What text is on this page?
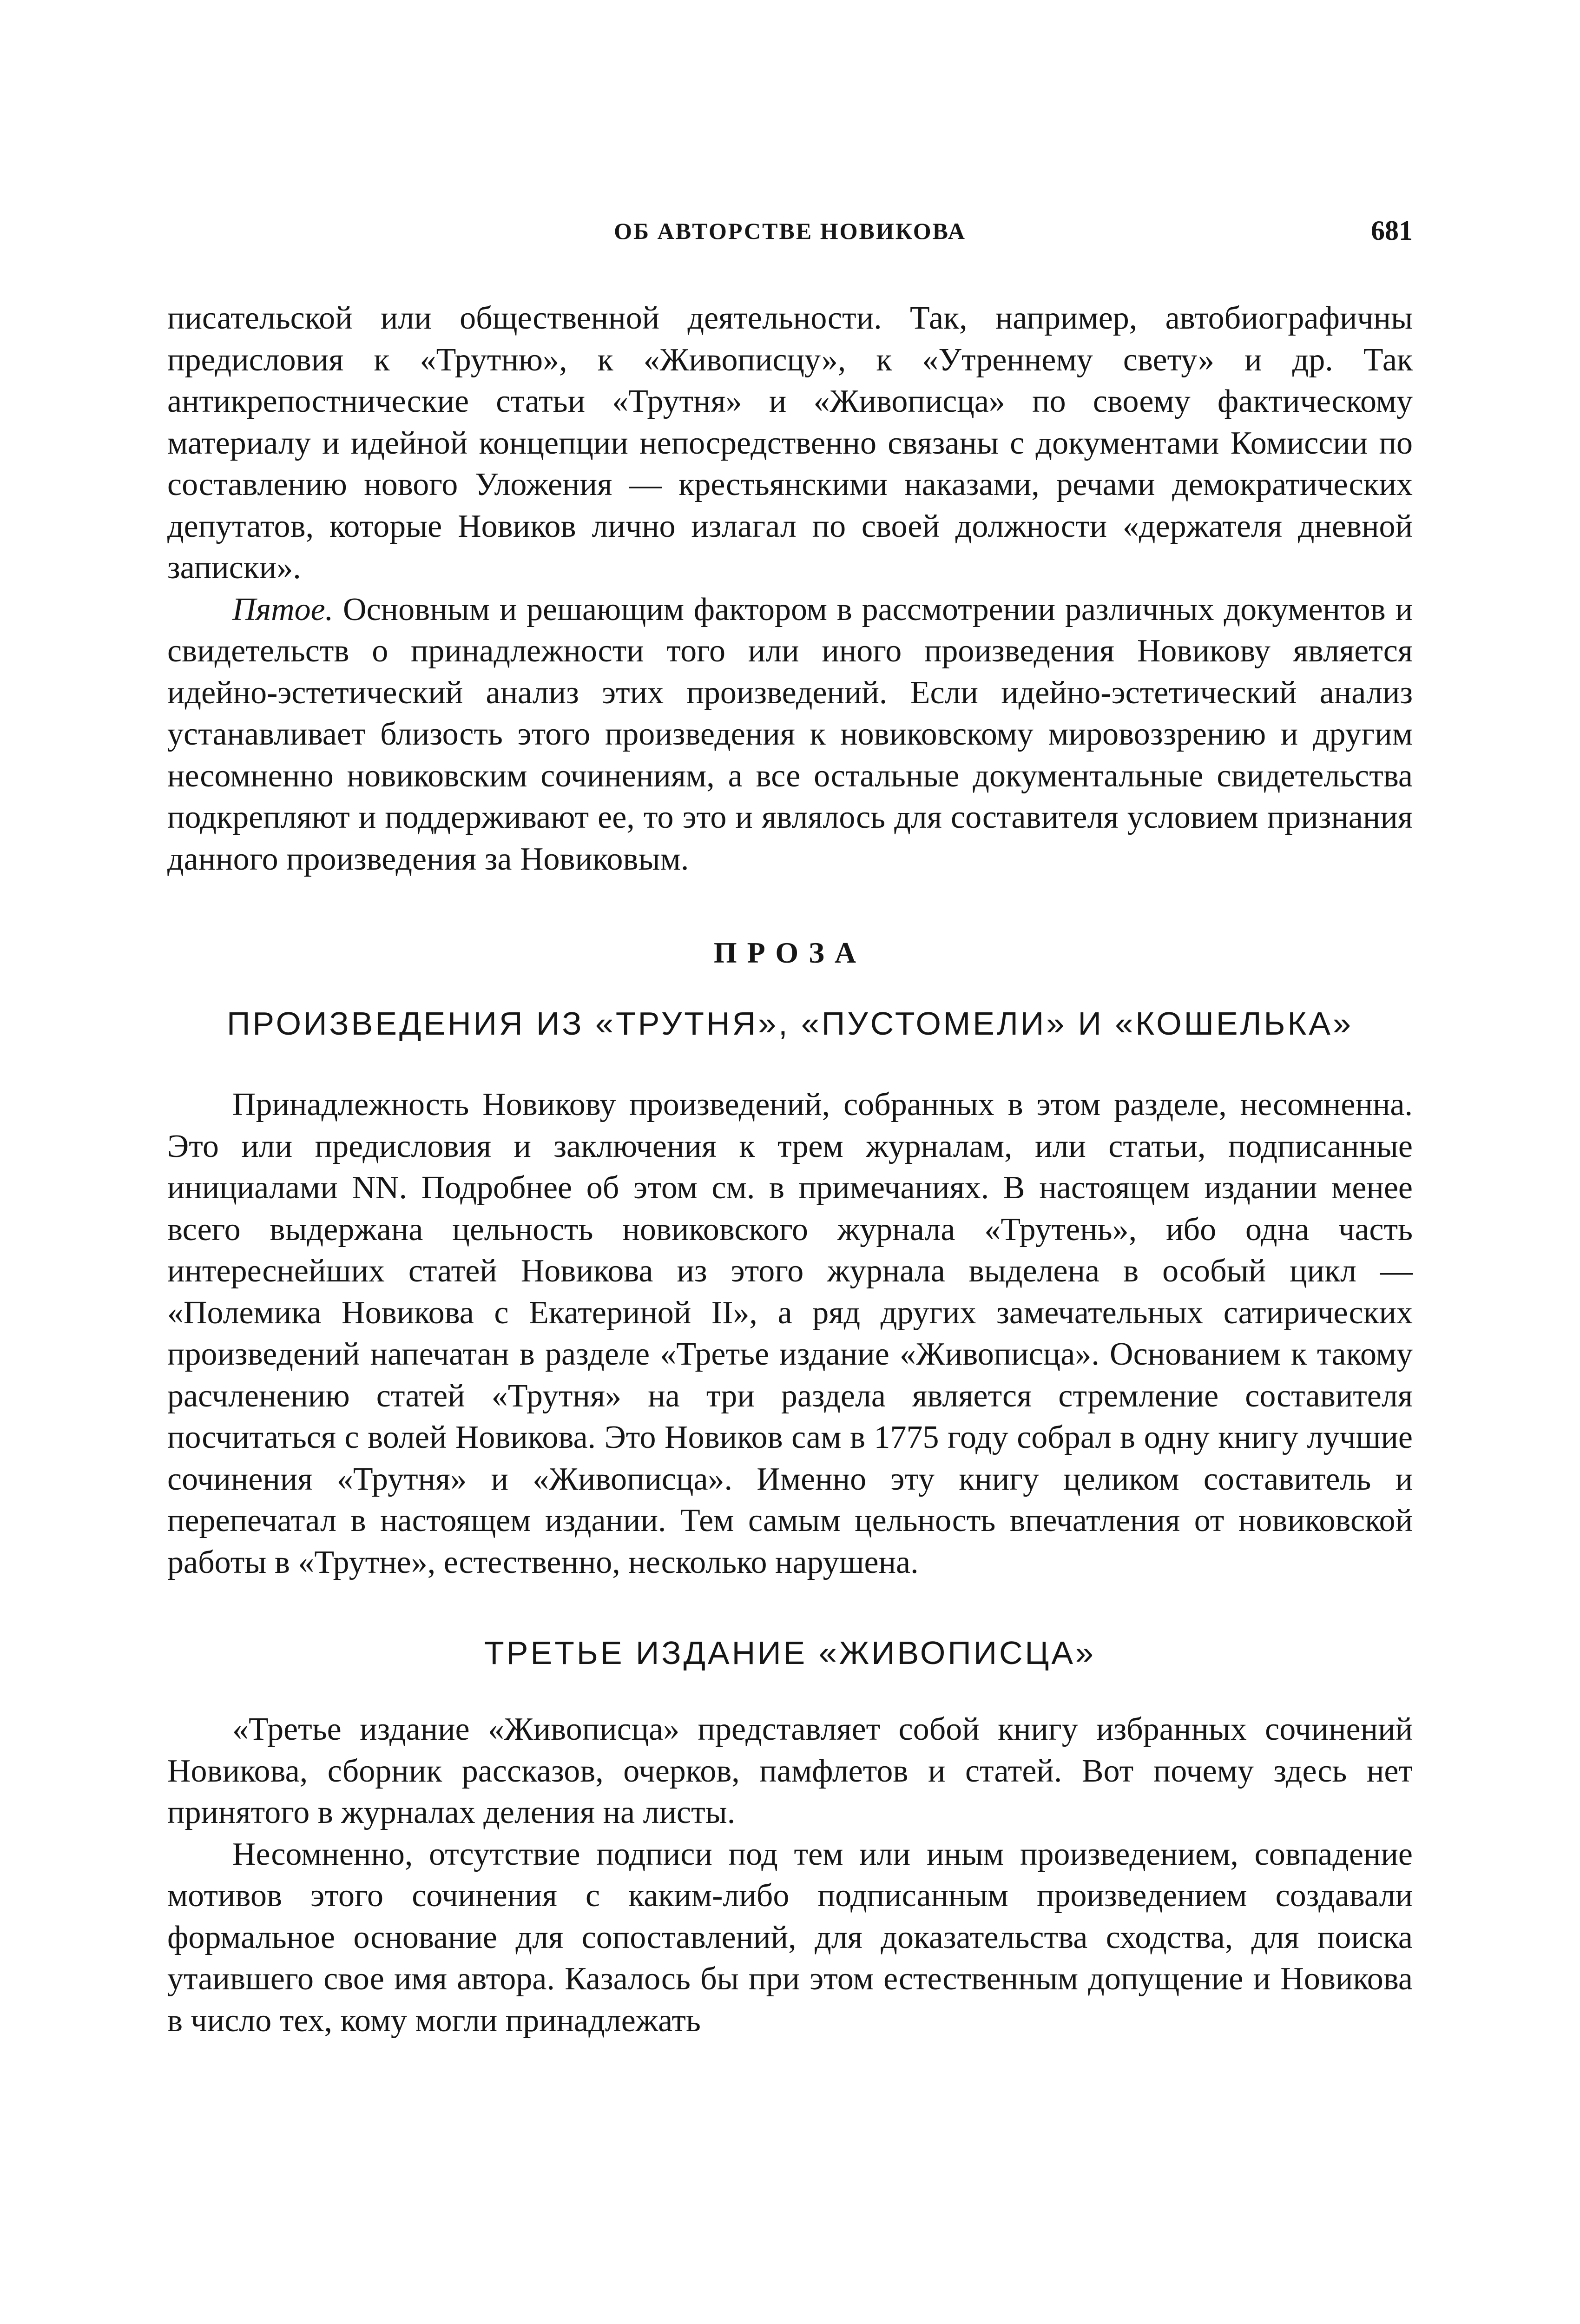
ОБ АВТОРСТВЕ НОВИКОВА	681

писательской или общественной деятельности. Так, например, автобиографичны предисловия к «Трутню», к «Живописцу», к «Утреннему свету» и др. Так антикрепостнические статьи «Трутня» и «Живописца» по своему фактическому материалу и идейной концепции непосредственно связаны с документами Комиссии по составлению нового Уложения — крестьянскими наказами, речами демократических депутатов, которые Новиков лично излагал по своей должности «держателя дневной записки».

Пятое. Основным и решающим фактором в рассмотрении различных документов и свидетельств о принадлежности того или иного произведения Новикову является идейно-эстетический анализ этих произведений. Если идейно-эстетический анализ устанавливает близость этого произведения к новиковскому мировоззрению и другим несомненно новиковским сочинениям, а все остальные документальные свидетельства подкрепляют и поддерживают ее, то это и являлось для составителя условием признания данного произведения за Новиковым.

ПРОЗА
ПРОИЗВЕДЕНИЯ ИЗ «ТРУТНЯ», «ПУСТОМЕЛИ» И «КОШЕЛЬКА»

Принадлежность Новикову произведений, собранных в этом разделе, несомненна. Это или предисловия и заключения к трем журналам, или статьи, подписанные инициалами NN. Подробнее об этом см. в примечаниях. В настоящем издании менее всего выдержана цельность новиковского журнала «Трутень», ибо одна часть интереснейших статей Новикова из этого журнала выделена в особый цикл — «Полемика Новикова с Екатериной II», а ряд других замечательных сатирических произведений напечатан в разделе «Третье издание «Живописца». Основанием к такому расчленению статей «Трутня» на три раздела является стремление составителя посчитаться с волей Новикова. Это Новиков сам в 1775 году собрал в одну книгу лучшие сочинения «Трутня» и «Живописца». Именно эту книгу целиком составитель и перепечатал в настоящем издании. Тем самым цельность впечатления от новиковской работы в «Трутне», естественно, несколько нарушена.

ТРЕТЬЕ ИЗДАНИЕ «ЖИВОПИСЦА»

«Третье издание «Живописца» представляет собой книгу избранных сочинений Новикова, сборник рассказов, очерков, памфлетов и статей. Вот почему здесь нет принятого в журналах деления на листы.

Несомненно, отсутствие подписи под тем или иным произведением, совпадение мотивов этого сочинения с каким-либо подписанным произведением создавали формальное основание для сопоставлений, для доказательства сходства, для поиска утаившего свое имя автора. Казалось бы при этом естественным допущение и Новикова в число тех, кому могли принадлежать
